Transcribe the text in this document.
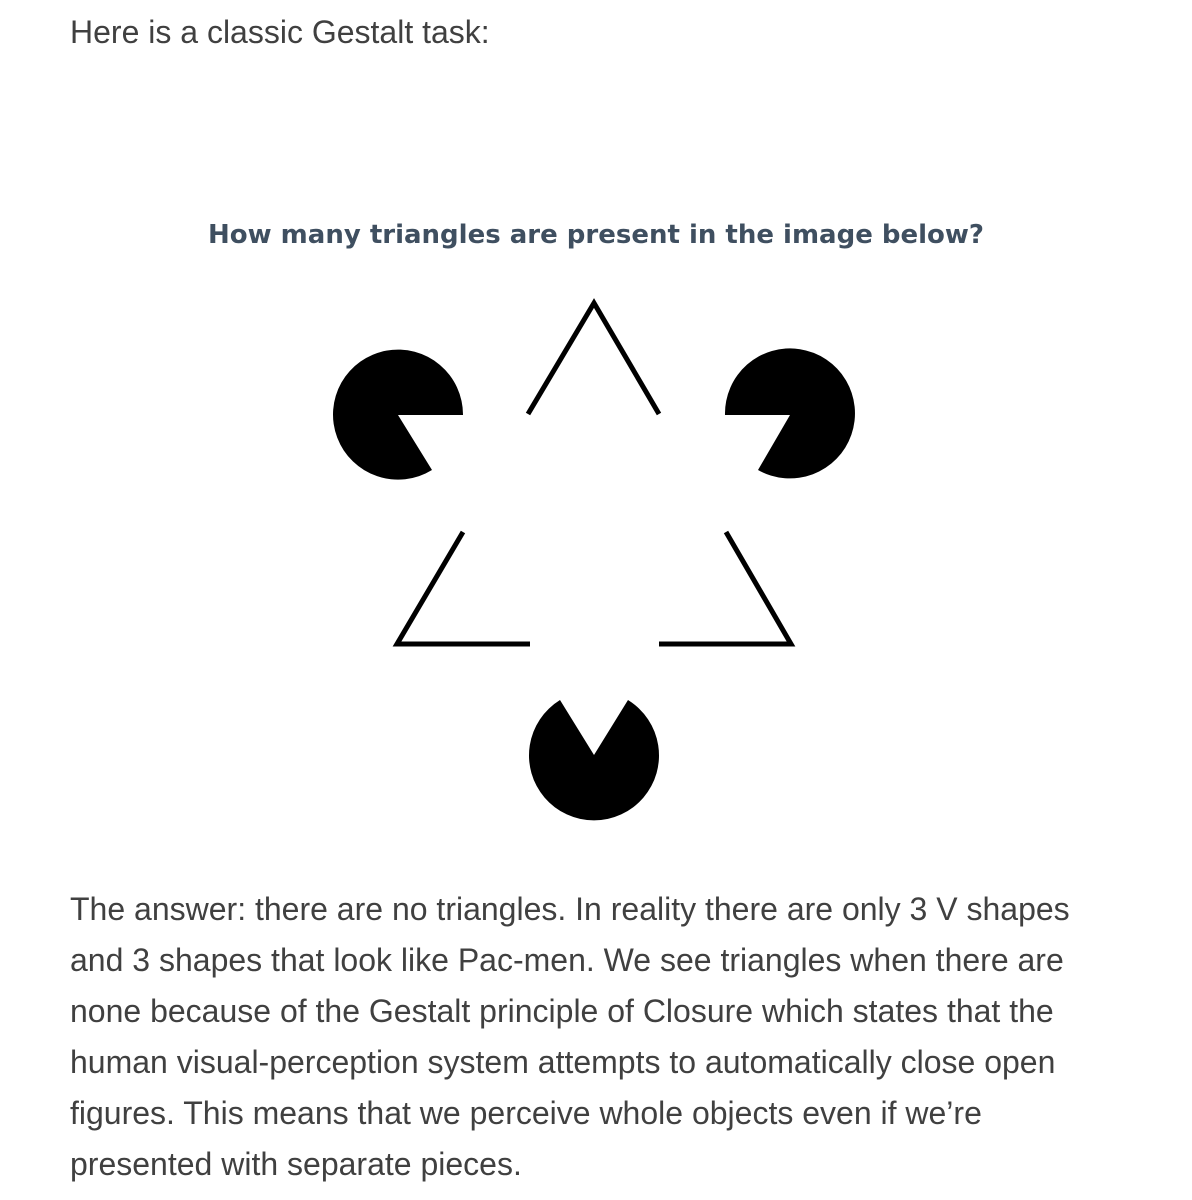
Here is a classic Gestalt task:

How many triangles are present in the image below?

The answer: there are no triangles. In reality there are only 3 V shapes
and 3 shapes that look like Pac-men. We see triangles when there are
none because of the Gestalt principle of Closure which states that the
human visual-perception system attempts to automatically close open
figures. This means that we perceive whole objects even if we’re
presented with separate pieces.
